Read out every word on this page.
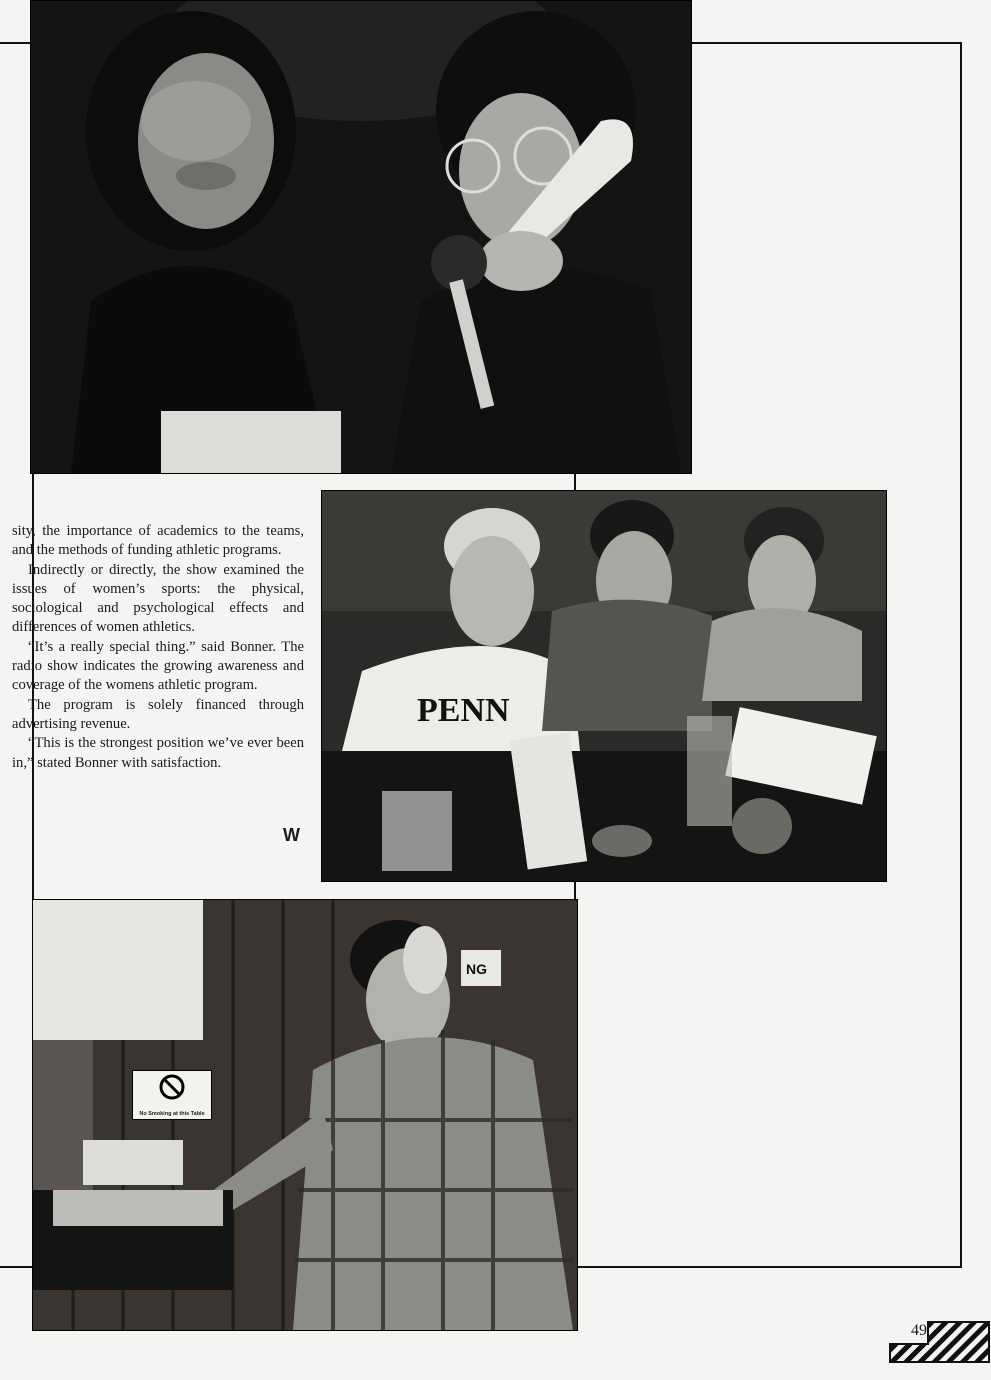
sity, the importance of academics to the teams, and the methods of funding athletic programs.

Indirectly or directly, the show examined the issues of women’s sports: the physical, sociological and psychological effects and differences of women athletics.

“It’s a really special thing.” said Bonner. The radio show indicates the growing awareness and coverage of the womens athletic program.

The program is solely financed through advertising revenue.

“This is the strongest position we’ve ever been in,” stated Bonner with satisfaction.

W
PENN
NG
No Smoking at this Table
49
